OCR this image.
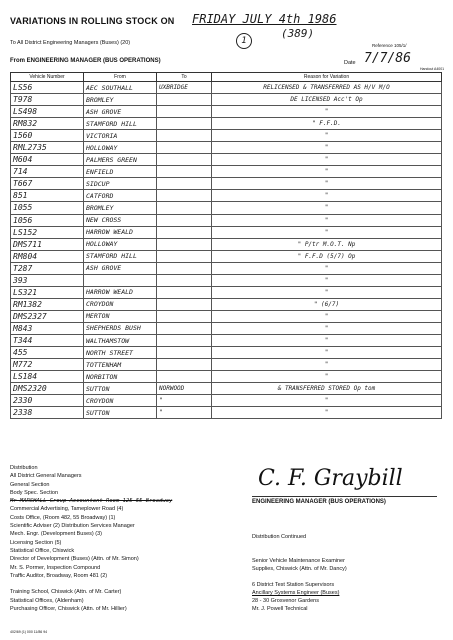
VARIATIONS IN ROLLING STOCK ON FRIDAY JULY 4th 1986
1
(389)
To All District Engineering Managers (Buses) (20)	Reference 105/1/
From ENGINEERING MANAGER (BUS OPERATIONS)	Date 7/7/86
Handout A4001
Vehicle Number	From	To	Reason for Variation
LS56	AEC SOUTHALL	UXBRIDGE	RELICENSED & TRANSFERRED AS H/V M/O
T978	BROMLEY		DE LICENSED Acc't Op
LS498	ASH GROVE		"
RM832	STAMFORD HILL		" F.F.D.
1560	VICTORIA		"
RML2735	HOLLOWAY		"
M604	PALMERS GREEN		"
714	ENFIELD		"
T667	SIDCUP		"
851	CATFORD		"
1055	BROMLEY		"
1056	NEW CROSS		"
LS152	HARROW WEALD		"
DMS711	HOLLOWAY		" P/tr M.O.T. Np
RM804	STAMFORD HILL		" F.F.D (5/7) Op
T287	ASH GROVE		"
393			"
LS321	HARROW WEALD		"
RM1382	CROYDON		" (6/7)
DMS2327	MERTON		"
M843	SHEPHERDS BUSH		"
T344	WALTHAMSTOW		"
455	NORTH STREET		"
M772	TOTTENHAM		"
LS184	NORBITON		"
DMS2320	SUTTON	NORWOOD	& TRANSFERRED STORED Op tom
2330	CROYDON	"	"
2338	SUTTON	"	"
Distribution
All District General Managers
General Section
Body Spec. Section
Mr MARSHALL Group Accountant Room 125 55 Broadway
Commercial Advertising, Tameplower Road (4)
Costs Office, (Room 482, 55 Broadway) (1)
Scientific Adviser (2) Distribution Services Manager
Mech. Engr. (Development Buses) (3)
Licensing Section (5)
Statistical Office, Chiswick
Director of Development (Buses) (Attn. of Mr. Simon)
Mr. S. Pormer, Inspection Compound
Traffic Auditor, Broadway, Room 481 (2)

Training School, Chiswick (Attn. of Mr. Carter)
Statistical Offices, (Aldenham)
Purchasing Officer, Chiswick (Attn. of Mr. Hillier)
C. F. Graybill
ENGINEERING MANAGER (BUS OPERATIONS)
Distribution Continued

Senior Vehicle Maintenance Examiner
Supplies, Chiswick (Attn. of Mr. Dancy)

6 District Test Station Supervisors
Ancillary Systems Engineer (Buses)
28 - 30 Grosvenor Gardens
Mr. J. Powell Technical
402/69 (1) 000 11/86 94
